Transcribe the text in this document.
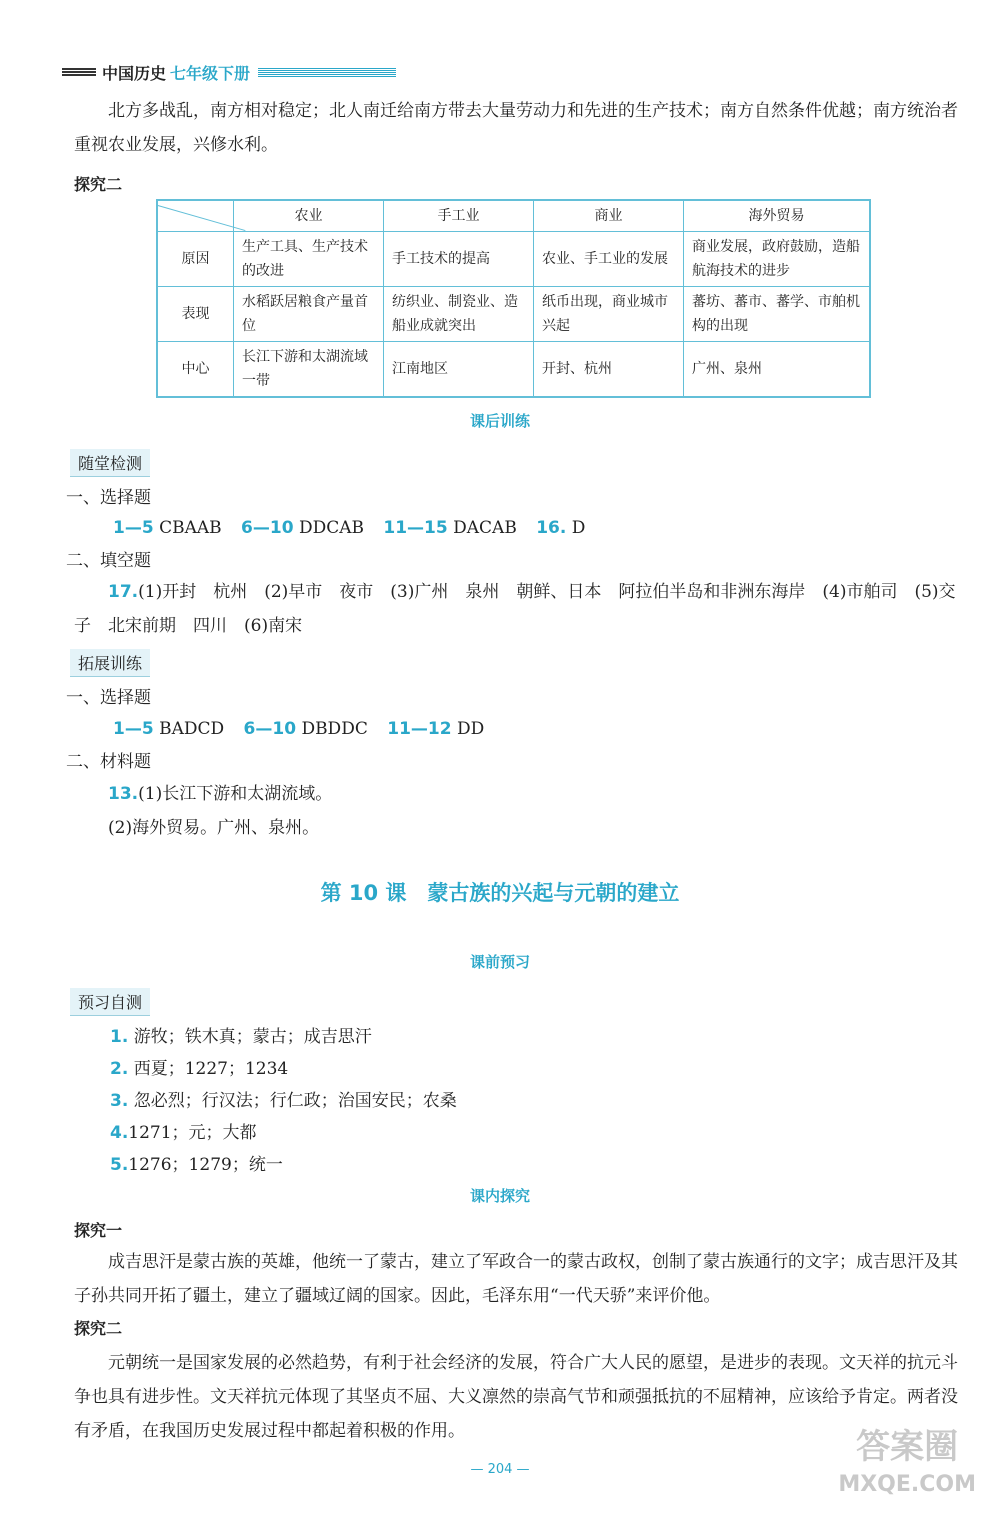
中国历史 七年级下册
北方多战乱，南方相对稳定；北人南迁给南方带去大量劳动力和先进的生产技术；南方自然条件优越；南方统治者重视农业发展，兴修水利。
探究二
	农业	手工业	商业	海外贸易
原因	生产工具、生产技术的改进	手工技术的提高	农业、手工业的发展	商业发展，政府鼓励，造船航海技术的进步
表现	水稻跃居粮食产量首位	纺织业、制瓷业、造船业成就突出	纸币出现，商业城市兴起	蕃坊、蕃市、蕃学、市舶机构的出现
中心	长江下游和太湖流域一带	江南地区	开封、杭州	广州、泉州
课后训练
随堂检测
一、选择题
1—5 CBAAB 6—10 DDCAB 11—15 DACAB 16. D
二、填空题
17.(1)开封　杭州　(2)早市　夜市　(3)广州　泉州　朝鲜、日本　阿拉伯半岛和非洲东海岸　(4)市舶司　(5)交子　北宋前期　四川　(6)南宋
拓展训练
一、选择题
1—5 BADCD 6—10 DBDDC 11—12 DD
二、材料题
13.(1)长江下游和太湖流域。
(2)海外贸易。广州、泉州。
第 10 课　蒙古族的兴起与元朝的建立
课前预习
预习自测
1. 游牧；铁木真；蒙古；成吉思汗
2. 西夏；1227；1234
3. 忽必烈；行汉法；行仁政；治国安民；农桑
4.1271；元；大都
5.1276；1279；统一
课内探究
探究一
成吉思汗是蒙古族的英雄，他统一了蒙古，建立了军政合一的蒙古政权，创制了蒙古族通行的文字；成吉思汗及其子孙共同开拓了疆土，建立了疆域辽阔的国家。因此，毛泽东用“一代天骄”来评价他。
探究二
元朝统一是国家发展的必然趋势，有利于社会经济的发展，符合广大人民的愿望，是进步的表现。文天祥的抗元斗争也具有进步性。文天祥抗元体现了其坚贞不屈、大义凛然的崇高气节和顽强抵抗的不屈精神，应该给予肯定。两者没有矛盾，在我国历史发展过程中都起着积极的作用。
— 204 —
答案圈
MXQE.COM
